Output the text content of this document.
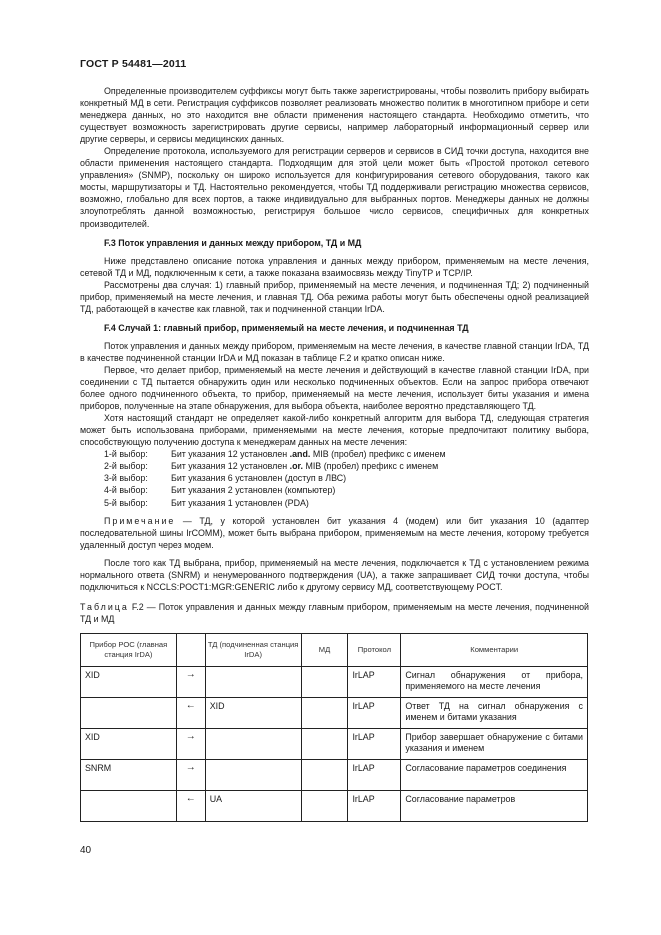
ГОСТ Р 54481—2011

Определенные производителем суффиксы могут быть также зарегистрированы, чтобы позволить прибору выбирать конкретный МД в сети. Регистрация суффиксов позволяет реализовать множество политик в многотипном приборе и сети менеджера данных, но это находится вне области применения настоящего стандарта. Необходимо отметить, что существует возможность зарегистрировать другие сервисы, например лабораторный информационный сервер или другие серверы, и сервисы медицинских данных.

Определение протокола, используемого для регистрации серверов и сервисов в СИД точки доступа, находится вне области применения настоящего стандарта. Подходящим для этой цели может быть «Простой протокол сетевого управления» (SNMP), поскольку он широко используется для конфигурирования сетевого оборудования, такого как мосты, маршрутизаторы и ТД. Настоятельно рекомендуется, чтобы ТД поддерживали регистрацию множества сервисов, возможно, глобально для всех портов, а также индивидуально для выбранных портов. Менеджеры данных не должны злоупотреблять данной возможностью, регистрируя большое число сервисов, специфичных для конкретных производителей.

F.3 Поток управления и данных между прибором, ТД и МД

Ниже представлено описание потока управления и данных между прибором, применяемым на месте лечения, сетевой ТД и МД, подключенным к сети, а также показана взаимосвязь между TinyTP и TCP/IP.

Рассмотрены два случая: 1) главный прибор, применяемый на месте лечения, и подчиненная ТД; 2) подчиненный прибор, применяемый на месте лечения, и главная ТД. Оба режима работы могут быть обеспечены одной реализацией ТД, работающей в качестве как главной, так и подчиненной станции IrDA.

F.4 Случай 1: главный прибор, применяемый на месте лечения, и подчиненная ТД

Поток управления и данных между прибором, применяемым на месте лечения, в качестве главной станции IrDA, ТД в качестве подчиненной станции IrDA и МД показан в таблице F.2 и кратко описан ниже.

Первое, что делает прибор, применяемый на месте лечения и действующий в качестве главной станции IrDA, при соединении с ТД пытается обнаружить один или несколько подчиненных объектов. Если на запрос прибора отвечают более одного подчиненного объекта, то прибор, применяемый на месте лечения, использует биты указания и имена приборов, полученные на этапе обнаружения, для выбора объекта, наиболее вероятно представляющего ТД.

Хотя настоящий стандарт не определяет какой-либо конкретный алгоритм для выбора ТД, следующая стратегия может быть использована приборами, применяемыми на месте лечения, которые предпочитают политику выбора, способствующую получению доступа к менеджерам данных на месте лечения:

1-й выбор:	Бит указания 12 установлен .and. MIB (пробел) префикс с именем
2-й выбор:	Бит указания 12 установлен .or. MIB (пробел) префикс с именем
3-й выбор:	Бит указания 6 установлен (доступ в ЛВС)
4-й выбор:	Бит указания 2 установлен (компьютер)
5-й выбор:	Бит указания 1 установлен (PDA)

Примечание — ТД, у которой установлен бит указания 4 (модем) или бит указания 10 (адаптер последовательной шины IrCOMM), может быть выбрана прибором, применяемым на месте лечения, которому требуется удаленный доступ через модем.

После того как ТД выбрана, прибор, применяемый на месте лечения, подключается к ТД с установлением режима нормального ответа (SNRM) и ненумерованного подтверждения (UA), а также запрашивает СИД точки доступа, чтобы подключиться к NCCLS:POCT1:MGR:GENERIC либо к другому сервису МД, соответствующему POCT.

Таблица F.2 — Поток управления и данных между главным прибором, применяемым на месте лечения, подчиненной ТД и МД

Прибор POC (главная станция IrDA)		ТД (подчиненная станция IrDA)	МД	Протокол	Комментарии
XID	→			IrLAP	Сигнал обнаружения от прибора, применяемого на месте лечения
	←	XID		IrLAP	Ответ ТД на сигнал обнаружения с именем и битами указания
XID	→			IrLAP	Прибор завершает обнаружение с битами указания и именем
SNRM	→			IrLAP	Согласование параметров соединения
	←	UA		IrLAP	Согласование параметров
40
